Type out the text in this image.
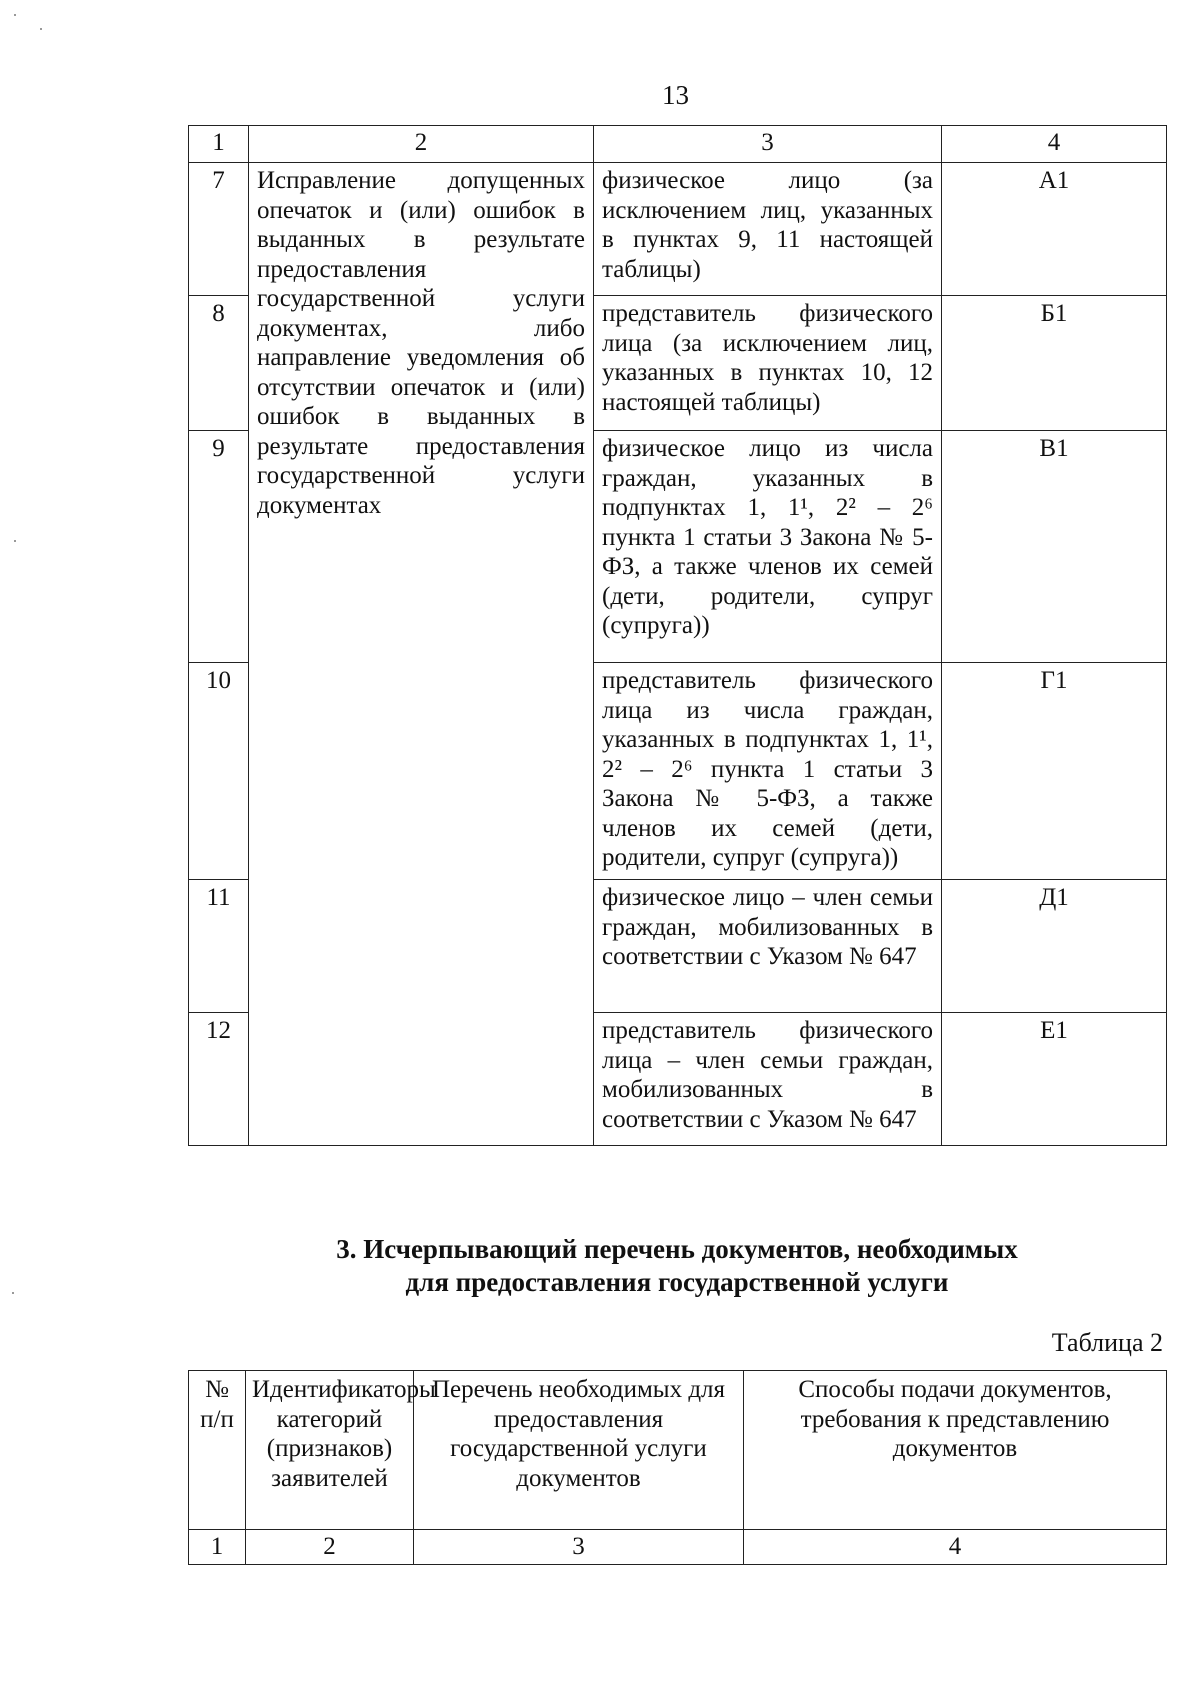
13
1	2	3	4
7	Исправление допущенных опечаток и (или) ошибок в выданных в результате предоставления государственной услуги документах, либо направление уведомления об отсутствии опечаток и (или) ошибок в выданных в результате предоставления государственной услуги документах	физическое лицо (за исключением лиц, указанных в пунктах 9, 11 настоящей таблицы)	А1
8		представитель физического лица (за исключением лиц, указанных в пунктах 10, 12 настоящей таблицы)	Б1
9		физическое лицо из числа граждан, указанных в подпунктах 1, 1¹, 2² – 2⁶ пункта 1 статьи 3 Закона № 5-ФЗ, а также членов их семей (дети, родители, супруг (супруга))	В1
10		представитель физического лица из числа граждан, указанных в подпунктах 1, 1¹, 2² – 2⁶ пункта 1 статьи 3 Закона № 5-ФЗ, а также членов их семей (дети, родители, супруг (супруга))	Г1
11		физическое лицо – член семьи граждан, мобилизованных в соответствии с Указом № 647	Д1
12		представитель физического лица – член семьи граждан, мобилизованных в соответствии с Указом № 647	Е1
3. Исчерпывающий перечень документов, необходимых
для предоставления государственной услуги
Таблица 2
№ п/п	Идентификаторы категорий (признаков) заявителей	Перечень необходимых для предоставления государственной услуги документов	Способы подачи документов, требования к представлению документов
1	2	3	4
